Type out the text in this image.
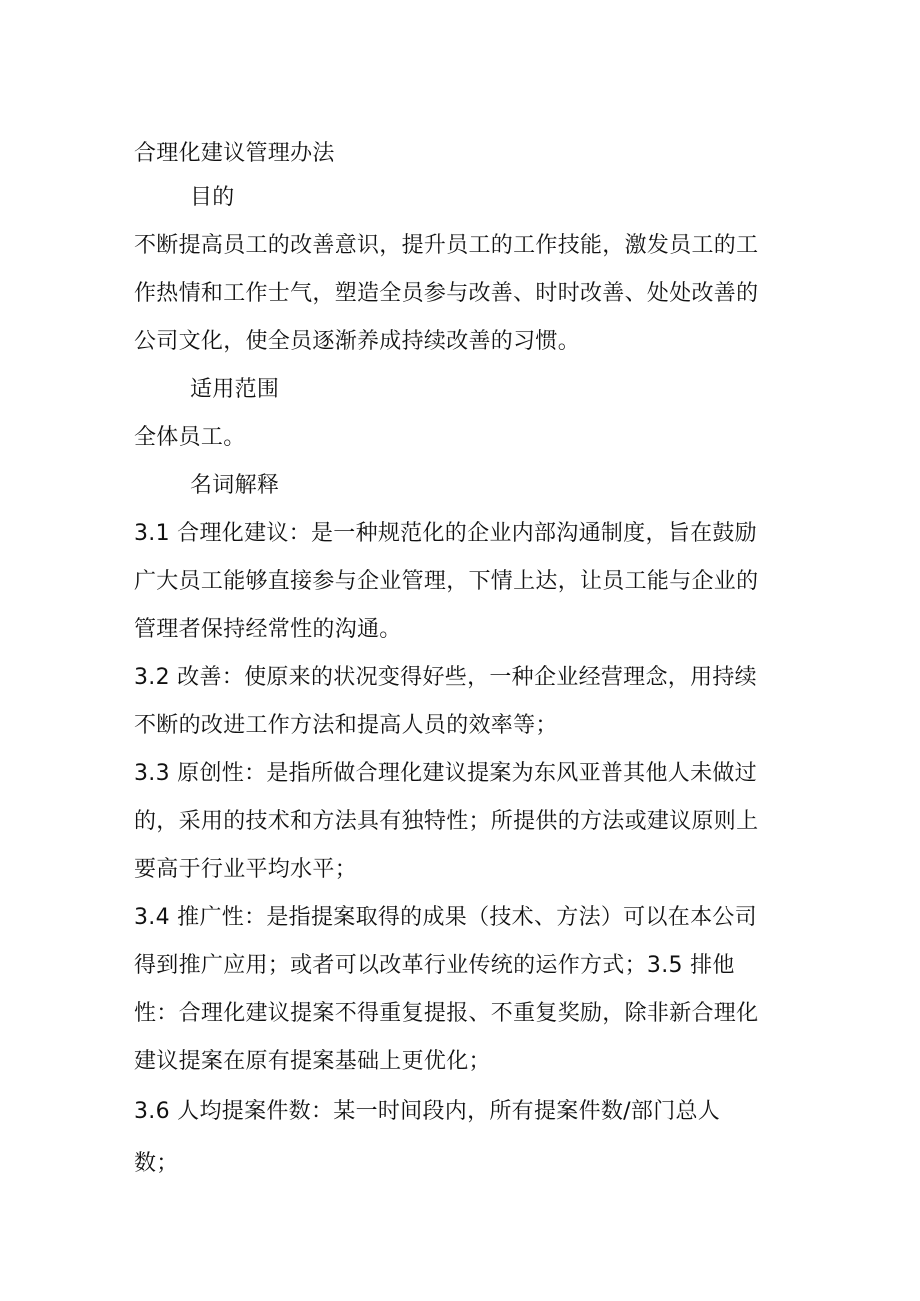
合理化建议管理办法
目的
不断提高员工的改善意识，提升员工的工作技能，激发员工的工
作热情和工作士气，塑造全员参与改善、时时改善、处处改善的
公司文化，使全员逐渐养成持续改善的习惯。
适用范围
全体员工。
名词解释
3.1 合理化建议：是一种规范化的企业内部沟通制度，旨在鼓励
广大员工能够直接参与企业管理，下情上达，让员工能与企业的
管理者保持经常性的沟通。
3.2 改善：使原来的状况变得好些，一种企业经营理念，用持续
不断的改进工作方法和提高人员的效率等；
3.3 原创性：是指所做合理化建议提案为东风亚普其他人未做过
的，采用的技术和方法具有独特性；所提供的方法或建议原则上
要高于行业平均水平；
3.4 推广性：是指提案取得的成果（技术、方法）可以在本公司
得到推广应用；或者可以改革行业传统的运作方式；3.5 排他
性：合理化建议提案不得重复提报、不重复奖励，除非新合理化
建议提案在原有提案基础上更优化；
3.6 人均提案件数：某一时间段内，所有提案件数/部门总人
数；
